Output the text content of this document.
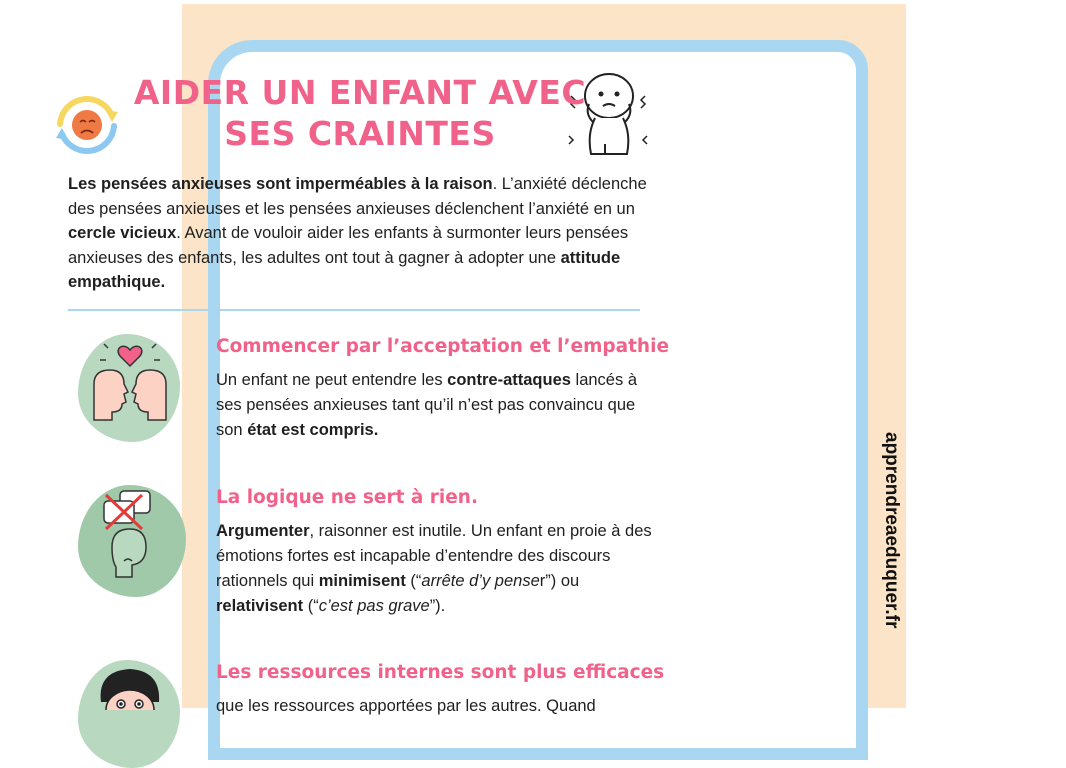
AIDER UN ENFANT AVEC
SES CRAINTES
Les pensées anxieuses sont imperméables à la raison. L’anxiété déclenche des pensées anxieuses et les pensées anxieuses déclenchent l’anxiété en un cercle vicieux. Avant de vouloir aider les enfants à surmonter leurs pensées anxieuses des enfants, les adultes ont tout à gagner à adopter une attitude empathique.
Commencer par l’acceptation et l’empathie
Un enfant ne peut entendre les contre-attaques lancés à ses pensées anxieuses tant qu’il n’est pas convaincu que son état est compris.
La logique ne sert à rien.
Argumenter, raisonner est inutile. Un enfant en proie à des émotions fortes est incapable d’entendre des discours rationnels qui minimisent (“arrête d’y penser”) ou relativisent (“c’est pas grave”).
Les ressources internes sont plus efficaces
que les ressources apportées par les autres. Quand
apprendreaeduquer.fr
